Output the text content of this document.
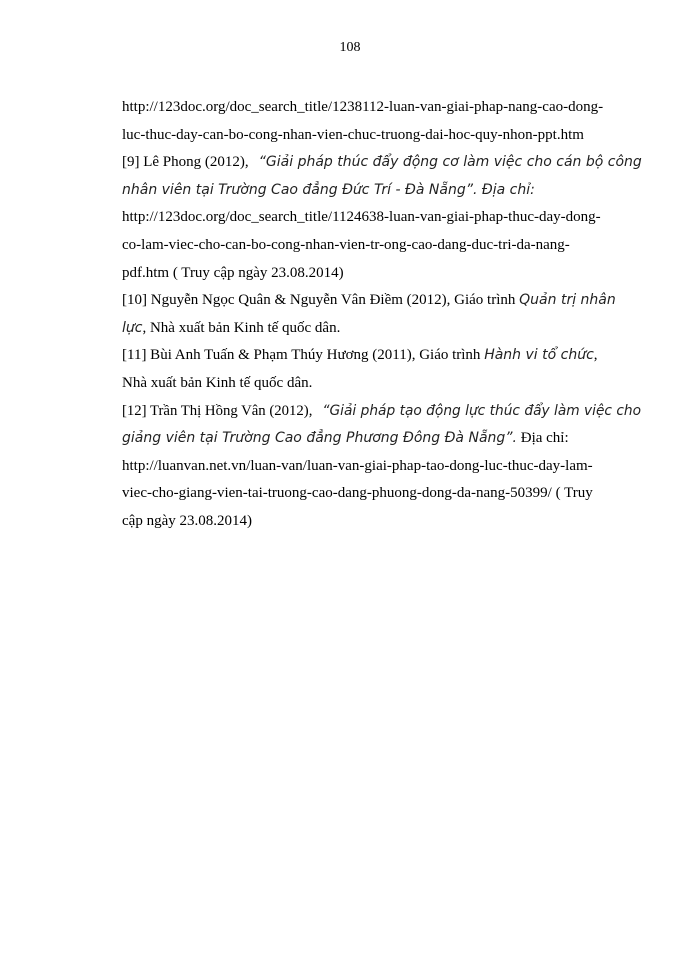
108
http://123doc.org/doc_search_title/1238112-luan-van-giai-phap-nang-cao-dong-
luc-thuc-day-can-bo-cong-nhan-vien-chuc-truong-dai-hoc-quy-nhon-ppt.htm
[9] Lê Phong (2012), “Giải pháp thúc đẩy động cơ làm việc cho cán bộ công
nhân viên tại Trường Cao đẳng Đức Trí - Đà Nẵng”. Địa chỉ:
http://123doc.org/doc_search_title/1124638-luan-van-giai-phap-thuc-day-dong-
co-lam-viec-cho-can-bo-cong-nhan-vien-tr-ong-cao-dang-duc-tri-da-nang-
pdf.htm ( Truy cập ngày 23.08.2014)
[10] Nguyễn Ngọc Quân & Nguyễn Vân Điềm (2012), Giáo trình Quản trị nhân
lực, Nhà xuất bản Kinh tế quốc dân.
[11] Bùi Anh Tuấn & Phạm Thúy Hương (2011), Giáo trình Hành vi tổ chức,
Nhà xuất bản Kinh tế quốc dân.
[12] Trần Thị Hồng Vân (2012), “Giải pháp tạo động lực thúc đẩy làm việc cho
giảng viên tại Trường Cao đẳng Phương Đông Đà Nẵng”. Địa chỉ:
http://luanvan.net.vn/luan-van/luan-van-giai-phap-tao-dong-luc-thuc-day-lam-
viec-cho-giang-vien-tai-truong-cao-dang-phuong-dong-da-nang-50399/ ( Truy
cập ngày 23.08.2014)
